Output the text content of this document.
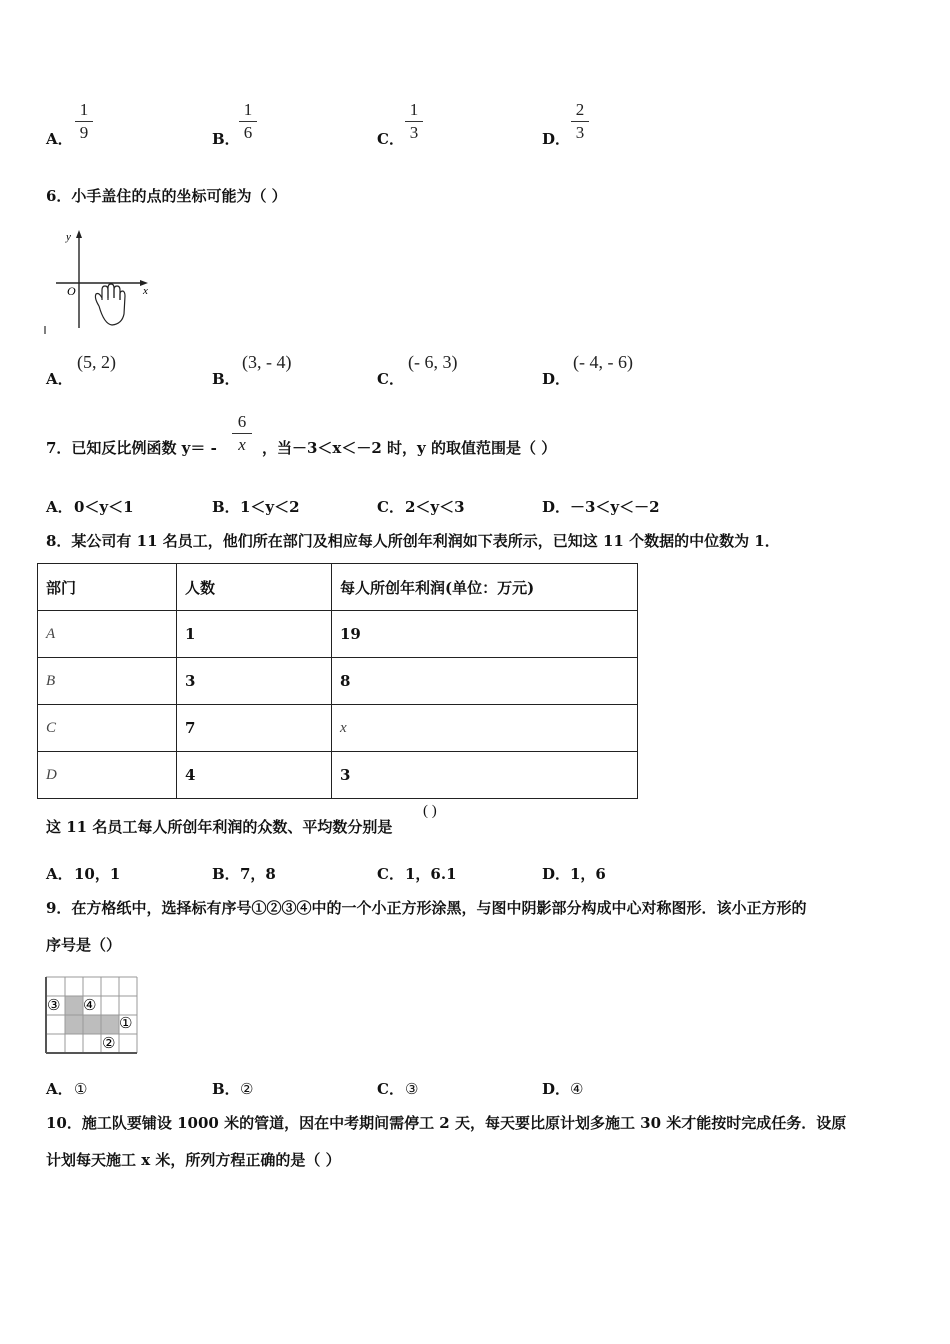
A．
1
9	B．
1
6	C．
1
3	D．
2
3
6．小手盖住的点的坐标可能为（ ）
y
x
O
A．
(5, 2)
B．
(3, - 4)
C．
(- 6, 3)
D．
(- 4, - 6)
7．已知反比例函数 y＝ -
6
x	，当－3＜x＜－2 时，y 的取值范围是（ ）
A． 0＜y＜1	B． 1＜y＜2	C． 2＜y＜3	D． －3＜y＜－2
8．某公司有 11 名员工，他们所在部门及相应每人所创年利润如下表所示，已知这 11 个数据的中位数为 1．
部门	人数	每人所创年利润(单位：万元)
A	1	19
B	3	8
C	7	x
D	4	3
这 11 名员工每人所创年利润的众数、平均数分别是
( )
A． 10，1	B． 7，8	C． 1，6.1	D． 1，6
9．在方格纸中，选择标有序号①②③④中的一个小正方形涂黑，与图中阴影部分构成中心对称图形．该小正方形的
序号是（）
③ ④
①
②
A． ①	B． ②	C． ③	D． ④
10．施工队要铺设 1000 米的管道，因在中考期间需停工 2 天，每天要比原计划多施工 30 米才能按时完成任务．设原
计划每天施工 x 米，所列方程正确的是（ ）
